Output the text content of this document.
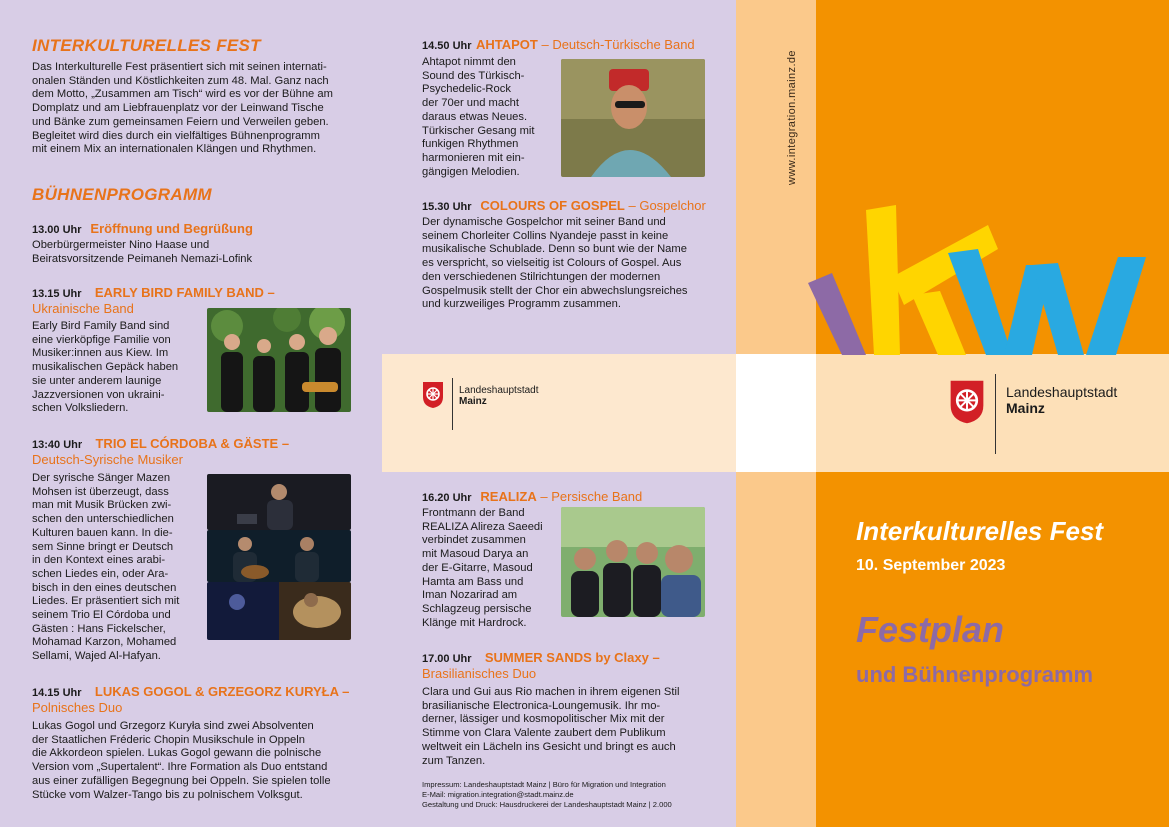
INTERKULTURELLES FEST

Das Interkulturelle Fest präsentiert sich mit seinen internati-

onalen Ständen und Köstlichkeiten zum 48. Mal. Ganz nach

dem Motto, „Zusammen am Tisch“ wird es vor der Bühne am

Domplatz und am Liebfrauenplatz vor der Leinwand Tische

und Bänke zum gemeinsamen Feiern und Verweilen geben.

Begleitet wird dies durch ein vielfältiges Bühnenprogramm

mit einem Mix an internationalen Klängen und Rhythmen.

BÜHNENPROGRAMM
13.00 Uhr Eröffnung und Begrüßung

Oberbürgermeister Nino Haase und

Beiratsvorsitzende Peimaneh Nemazi-Lofink

13.15 Uhr EARLY BIRD FAMILY BAND –
Ukrainische Band

Early Bird Family Band sind

eine vierköpfige Familie von

Musiker:innen aus Kiew. Im

musikalischen Gepäck haben

sie unter anderem launige

Jazzversionen von ukraini-

schen Volksliedern.

13:40 Uhr TRIO EL CÓRDOBA & GÄSTE –
Deutsch-Syrische Musiker

Der syrische Sänger Mazen

Mohsen ist überzeugt, dass

man mit Musik Brücken zwi-

schen den unterschiedlichen

Kulturen bauen kann. In die-

sem Sinne bringt er Deutsch

in den Kontext eines arabi-

schen Liedes ein, oder Ara-

bisch in den eines deutschen

Liedes. Er präsentiert sich mit

seinem Trio El Córdoba und

Gästen : Hans Fickelscher,

Mohamad Karzon, Mohamed

Sellami, Wajed Al-Hafyan.

14.15 Uhr LUKAS GOGOL & GRZEGORZ KURYŁA –
Polnisches Duo

Lukas Gogol und Grzegorz Kuryła sind zwei Absolventen

der Staatlichen Fréderic Chopin Musikschule in Oppeln

die Akkordeon spielen. Lukas Gogol gewann die polnische

Version vom „Supertalent“. Ihre Formation als Duo entstand

aus einer zufälligen Begegnung bei Oppeln. Sie spielen tolle

Stücke vom Walzer-Tango bis zu polnischem Volksgut.

14.50 Uhr AHTAPOT – Deutsch-Türkische Band

Ahtapot nimmt den

Sound des Türkisch-

Psychedelic-Rock

der 70er und macht

daraus etwas Neues.

Türkischer Gesang mit

funkigen Rhythmen

harmonieren mit ein-

gängigen Melodien.

15.30 Uhr COLOURS OF GOSPEL – Gospelchor

Der dynamische Gospelchor mit seiner Band und

seinem Chorleiter Collins Nyandeje passt in keine

musikalische Schublade. Denn so bunt wie der Name

es verspricht, so vielseitig ist Colours of Gospel. Aus

den verschiedenen Stilrichtungen der modernen

Gospelmusik stellt der Chor ein abwechslungsreiches

und kurzweiliges Programm zusammen.

Landeshauptstadt
Mainz
16.20 Uhr REALIZA – Persische Band

Frontmann der Band

REALIZA Alireza Saeedi

verbindet zusammen

mit Masoud Darya an

der E-Gitarre, Masoud

Hamta am Bass und

Iman Nozarirad am

Schlagzeug persische

Klänge mit Hardrock.

17.00 Uhr SUMMER SANDS by Claxy –
Brasilianisches Duo

Clara und Gui aus Rio machen in ihrem eigenen Stil

brasilianische Electronica-Loungemusik. Ihr mo-

derner, lässiger und kosmopolitischer Mix mit der

Stimme von Clara Valente zaubert dem Publikum

weltweit ein Lächeln ins Gesicht und bringt es auch

zum Tanzen.

Impressum: Landeshauptstadt Mainz | Büro für Migration und Integration

E-Mail: migration.integration@stadt.mainz.de

Gestaltung und Druck: Hausdruckerei der Landeshauptstadt Mainz | 2.000

www.integration.mainz.de
Landeshauptstadt
Mainz
Interkulturelles Fest
10. September 2023
Festplan
und Bühnenprogramm
